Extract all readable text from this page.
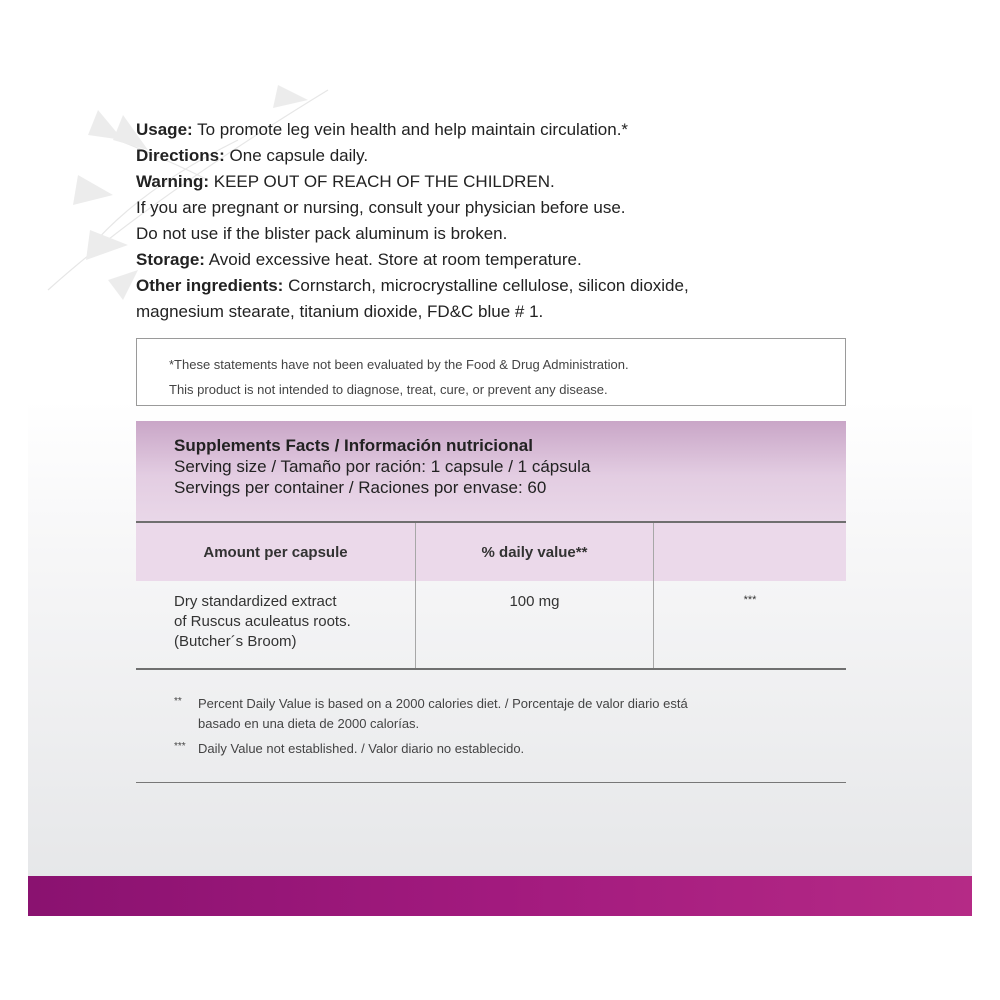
Usage: To promote leg vein health and help maintain circulation.*
Directions: One capsule daily.
Warning: KEEP OUT OF REACH OF THE CHILDREN.
If you are pregnant or nursing, consult your physician before use.
Do not use if the blister pack aluminum is broken.
Storage: Avoid excessive heat. Store at room temperature.
Other ingredients: Cornstarch, microcrystalline cellulose, silicon dioxide,
magnesium stearate, titanium dioxide, FD&C blue # 1.
*These statements have not been evaluated by the Food & Drug Administration.
This product is not intended to diagnose, treat, cure, or prevent any disease.
Supplements Facts / Información nutricional
Serving size / Tamaño por ración: 1 capsule / 1 cápsula
Servings per container / Raciones por envase: 60
Amount per capsule	% daily value**
Dry standardized extract
of Ruscus aculeatus roots.
(Butcher´s Broom)
100 mg	***
** Percent Daily Value is based on a 2000 calories diet. / Porcentaje de valor diario está
basado en una dieta de 2000 calorías.
*** Daily Value not established. / Valor diario no establecido.
